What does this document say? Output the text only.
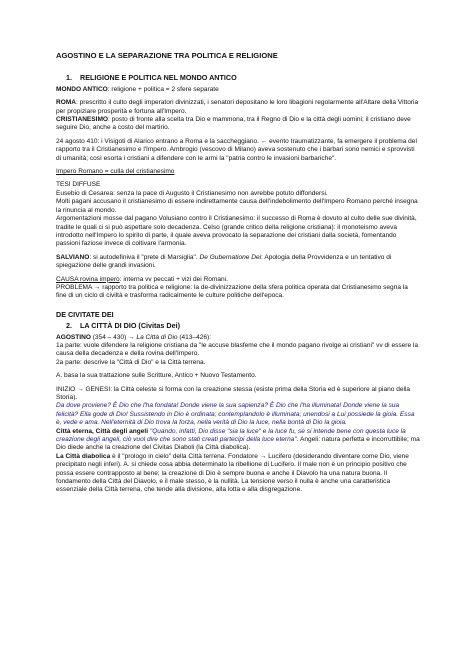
AGOSTINO E LA SEPARAZIONE TRA POLITICA E RELIGIONE

1. RELIGIONE E POLITICA NEL MONDO ANTICO

MONDO ANTICO: religione + politica = 2 sfere separate

ROMA: prescritto il culto degli imperatori divinizzati, i senatori depositano le loro libagioni regolarmente all'Altare della Vittoria per propiziare prosperità e fortuna all'Impero.

CRISTIANESIMO: posto di fronte alla scelta tra Dio e mammona, tra il Regno di Dio e la città degli uomini; il cristiano deve seguire Dio, anche a costo del martirio.

24 agosto 410: i Visigoti di Alarico entrano a Roma e la saccheggiano. ← evento traumatizzante, fa emergere il problema del rapporto tra il Cristianesimo e l'Impero. Ambrogio (vescovo di Milano) aveva sostenuto che i barbari sono nemici e sprovvisti di umanità; così esorta i cristiani a difendere con le armi la "patria contro le invasioni barbariche".

Impero Romano = culla del cristianesimo

TESI DIFFUSE

Eusebio di Cesarea: senza la pace di Augusto il Cristianesimo non avrebbe potuto diffondersi.

Molti pagani accusano il cristianesimo di essere indirettamente causa dell'indebolimento dell'Impero Romano perché insegna la rinuncia al mondo.

Argomentazioni mosse dal pagano Volusiano contro il Cristianesimo: il successo di Roma è dovuto al culto delle sue divinità, tradite le quali ci si può aspettare solo decadenza. Celso (grande critico della religione cristiana): il monoteismo aveva introdotto nell'Impero lo spirito di parte, il quale aveva provocato la separazione dei cristiani dalla società, fomentando passioni faziose invece di coltivare l'armonia.

SALVIANO: si autodefiniva il "prete di Marsiglia". De Gubernatione Dei: Apologia della Provvidenza e un tentativo di spiegazione delle grandi invasioni.

CAUSA rovina impero: interna vv peccati + vizi dei Romani.

PROBLEMA → rapporto tra politica e religione: la de-divinizzazione della sfera politica operata dal Cristianesimo segna la fine di un ciclo di civiltà e trasforma radicalmente le culture politiche dell'epoca.

DE CIVITATE DEI

2. LA CITTÀ DI DIO (Civitas Dei)

AGOSTINO (354 – 430) → La Città di Dio (413–426):

1a parte: vuole difendere la religione cristiana da "le accuse blasfeme che il mondo pagano rivolge ai cristiani" vv di essere la causa della decadenza e della rovina dell'Impero.

2a parte: descrive la "Città di Dio" e la Città terrena.

A. basa la sua trattazione sulle Scritture, Antico + Nuovo Testamento.

INIZIO → GENESI: la Città celeste si forma con la creazione stessa (esiste prima della Storia ed è superiore al piano della Storia).

Da dove proviene? È Dio che l'ha fondata! Donde viene la sua sapienza? È Dio che l'ha illuminata! Donde viene la sua felicità? Ella gode di Dio! Sussistendo in Dio è ordinata; contemplandolo è illuminata; unendosi a Lui possiede la gioia. Essa è, vede e ama. Nell'eternità di Dio trova la forza, nella verità di Dio la luce, nella bontà di Dio la gioia.

Città eterna, Città degli angeli "Quando, infatti, Dio disse "sia la luce" e la luce fu, se si intende bene con questa luce la creazione degli angeli, ciò vuol dire che sono stati creati partecipi della luce eterna". Angeli: natura perfetta e incorruttibile; ma Dio diede anche la creazione del Civitas Diaboli (la Città diabolica).

La Città diabolica è il "prologo in cielo" della Città terrena. Fondatore → Lucifero (desiderando diventare come Dio, viene precipitato negli inferi). A. si chiede cosa abbia determinato la ribellione di Lucifero. Il male non è un principio positivo che possa essere contrapposto al bene; la creazione di Dio è sempre buona e anche il Diavolo ha una natura buona. Il fondamento della Città del Diavolo, e il male stesso, è la nullità. La tensione verso il nulla è anche una caratteristica essenziale della Città terrena, che tende alla divisione, alla lotta e alla disgregazione.
